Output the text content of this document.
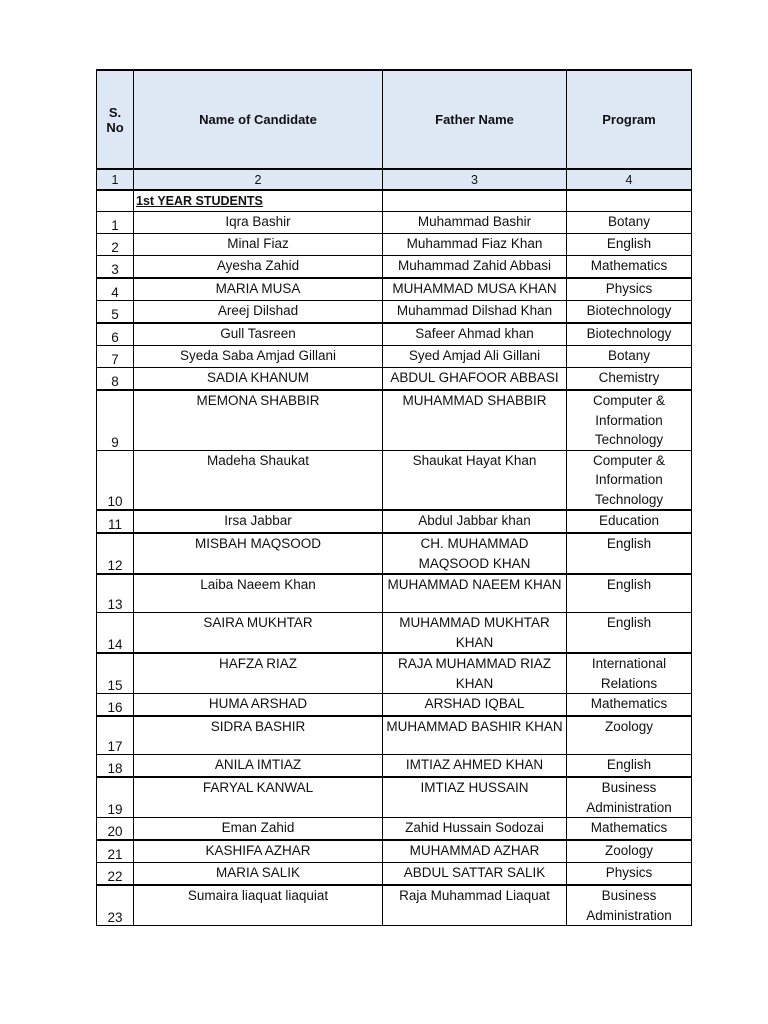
S. No	Name of Candidate	Father Name	Program
1	2	3	4
	1st YEAR STUDENTS		
1	Iqra Bashir	Muhammad Bashir	Botany
2	Minal Fiaz	Muhammad Fiaz Khan	English
3	Ayesha Zahid	Muhammad Zahid Abbasi	Mathematics
4	MARIA MUSA	MUHAMMAD MUSA KHAN	Physics
5	Areej Dilshad	Muhammad Dilshad Khan	Biotechnology
6	Gull Tasreen	Safeer Ahmad khan	Biotechnology
7	Syeda Saba Amjad Gillani	Syed Amjad Ali Gillani	Botany
8	SADIA KHANUM	ABDUL GHAFOOR ABBASI	Chemistry
9	MEMONA SHABBIR	MUHAMMAD SHABBIR	Computer & Information Technology
10	Madeha Shaukat	Shaukat Hayat Khan	Computer & Information Technology
11	Irsa Jabbar	Abdul Jabbar khan	Education
12	MISBAH MAQSOOD	CH. MUHAMMAD MAQSOOD KHAN	English
13	Laiba Naeem Khan	MUHAMMAD NAEEM KHAN	English
14	SAIRA MUKHTAR	MUHAMMAD MUKHTAR KHAN	English
15	HAFZA RIAZ	RAJA MUHAMMAD RIAZ KHAN	International Relations
16	HUMA ARSHAD	ARSHAD IQBAL	Mathematics
17	SIDRA BASHIR	MUHAMMAD BASHIR KHAN	Zoology
18	ANILA IMTIAZ	IMTIAZ AHMED KHAN	English
19	FARYAL KANWAL	IMTIAZ HUSSAIN	Business Administration
20	Eman Zahid	Zahid Hussain Sodozai	Mathematics
21	KASHIFA AZHAR	MUHAMMAD AZHAR	Zoology
22	MARIA SALIK	ABDUL SATTAR SALIK	Physics
23	Sumaira liaquat liaquiat	Raja Muhammad Liaquat	Business Administration
